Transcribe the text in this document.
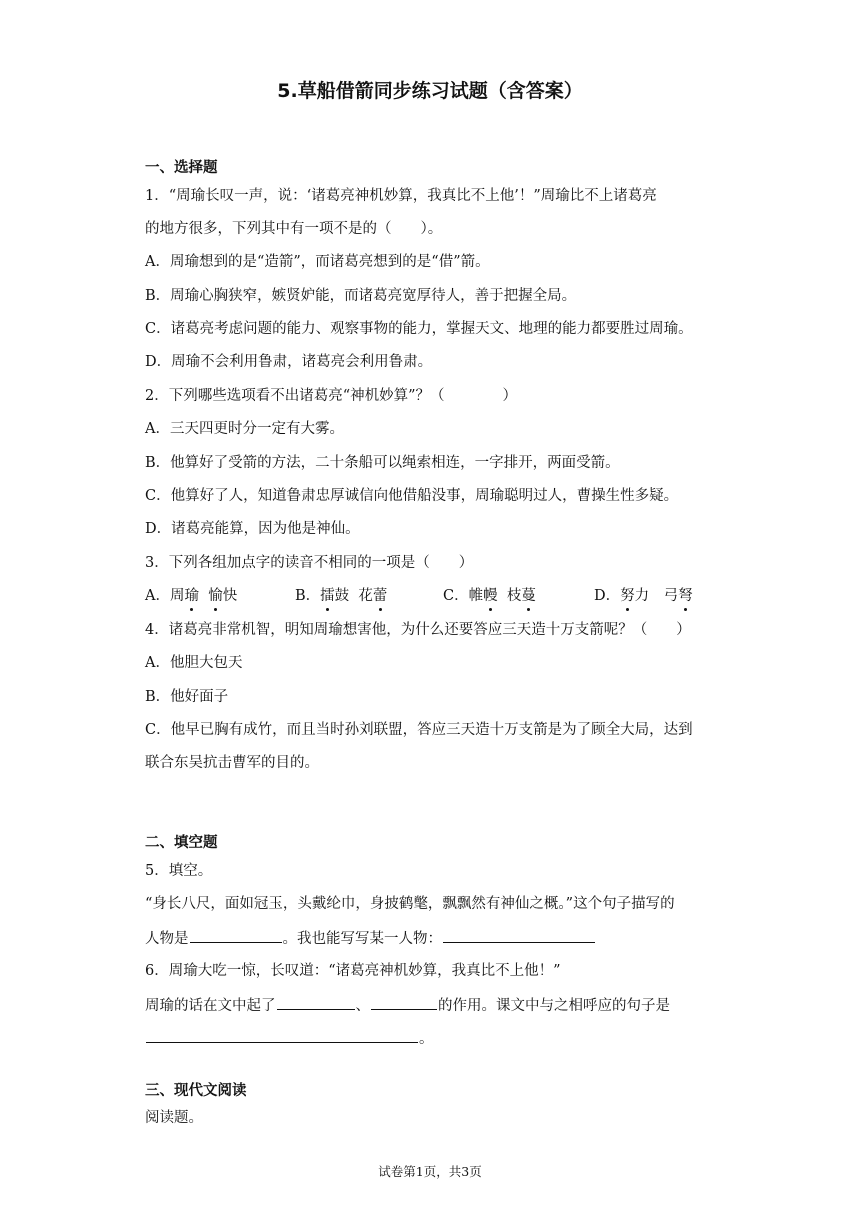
5.草船借箭同步练习试题（含答案）
一、选择题
1．“周瑜长叹一声，说：‘诸葛亮神机妙算，我真比不上他’！”周瑜比不上诸葛亮
的地方很多，下列其中有一项不是的（　　）。
A．周瑜想到的是“造箭”，而诸葛亮想到的是“借”箭。
B．周瑜心胸狭窄，嫉贤妒能，而诸葛亮宽厚待人，善于把握全局。
C．诸葛亮考虑问题的能力、观察事物的能力，掌握天文、地理的能力都要胜过周瑜。
D．周瑜不会利用鲁肃，诸葛亮会利用鲁肃。
2．下列哪些选项看不出诸葛亮“神机妙算”？（　　　　）
A．三天四更时分一定有大雾。
B．他算好了受箭的方法，二十条船可以绳索相连，一字排开，两面受箭。
C．他算好了人，知道鲁肃忠厚诚信向他借船没事，周瑜聪明过人，曹操生性多疑。
D．诸葛亮能算，因为他是神仙。
3．下列各组加点字的读音不相同的一项是（　　）
A．周瑜 愉快	B．擂鼓  花蕾	C．帷幔  枝蔓	D．努力　弓弩
4．诸葛亮非常机智，明知周瑜想害他，为什么还要答应三天造十万支箭呢？（　　）
A．他胆大包天
B．他好面子
C．他早已胸有成竹，而且当时孙刘联盟，答应三天造十万支箭是为了顾全大局，达到
联合东吴抗击曹军的目的。
二、填空题
5．填空。
“身长八尺，面如冠玉，头戴纶巾，身披鹤氅，飘飘然有神仙之概。”这个句子描写的
人物是	。我也能写写某一人物：
6．周瑜大吃一惊，长叹道：“诸葛亮神机妙算，我真比不上他！”
周瑜的话在文中起了	、	的作用。课文中与之相呼应的句子是
。
三、现代文阅读
阅读题。
试卷第1页，共3页
